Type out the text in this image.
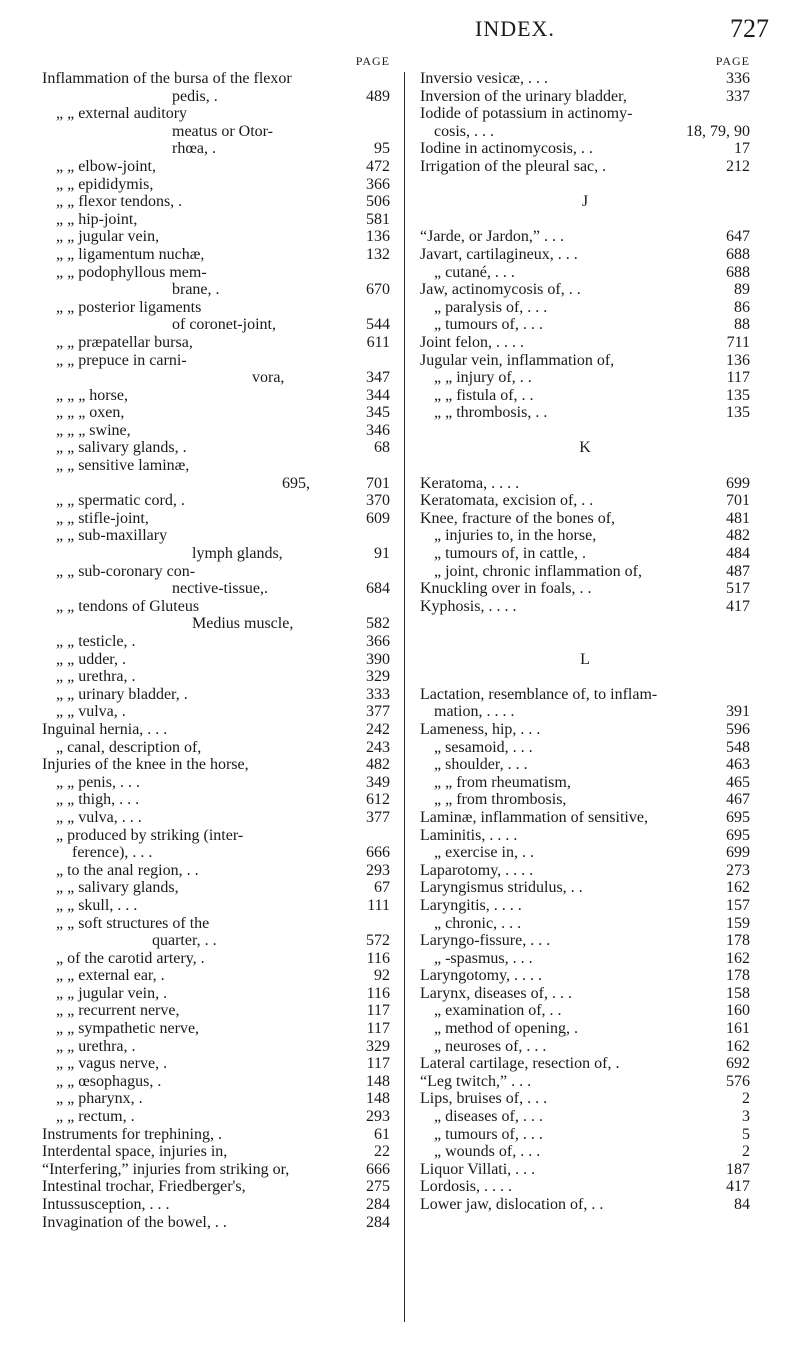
INDEX.	727
PAGE
Inflammation of the bursa of the flexor
pedis, .	489
„ „ external auditory
meatus or Otor-
rhœa, .	95
„ „ elbow-joint,	472
„ „ epididymis,	366
„ „ flexor tendons, .	506
„ „ hip-joint,	581
„ „ jugular vein,	136
„ „ ligamentum nuchæ,	132
„ „ podophyllous mem-
brane, .	670
„ „ posterior ligaments
of coronet-joint,	544
„ „ præpatellar bursa,	611
„ „ prepuce in carni-
vora,	347
„ „ „ horse,	344
„ „ „ oxen,	345
„ „ „ swine,	346
„ „ salivary glands, .	68
„ „ sensitive laminæ,
695,	701
„ „ spermatic cord, .	370
„ „ stifle-joint,	609
„ „ sub-maxillary
lymph glands,	91
„ „ sub-coronary con-
nective-tissue,.	684
„ „ tendons of Gluteus
Medius muscle,	582
„ „ testicle, .	366
„ „ udder, .	390
„ „ urethra, .	329
„ „ urinary bladder, .	333
„ „ vulva, .	377
Inguinal hernia, . . .	242
„ canal, description of,	243
Injuries of the knee in the horse,	482
„ „ penis, . . .	349
„ „ thigh, . . .	612
„ „ vulva, . . .	377
„ produced by striking (inter-
ference), . . .	666
„ to the anal region, . .	293
„ „ salivary glands,	67
„ „ skull, . . .	111
„ „ soft structures of the
quarter, . .	572
„ of the carotid artery, .	116
„ „ external ear, .	92
„ „ jugular vein, .	116
„ „ recurrent nerve,	117
„ „ sympathetic nerve,	117
„ „ urethra, .	329
„ „ vagus nerve, .	117
„ „ œsophagus, .	148
„ „ pharynx, .	148
„ „ rectum, .	293
Instruments for trephining, .	61
Interdental space, injuries in,	22
“Interfering,” injuries from striking or,	666
Intestinal trochar, Friedberger's,	275
Intussusception, . . .	284
Invagination of the bowel, . .	284
PAGE
Inversio vesicæ, . . .	336
Inversion of the urinary bladder,	337
Iodide of potassium in actinomy-
cosis, . . .	18, 79, 90
Iodine in actinomycosis, . .	17
Irrigation of the pleural sac, .	212
J
“Jarde, or Jardon,” . . .	647
Javart, cartilagineux, . . .	688
„ cutané, . . .	688
Jaw, actinomycosis of, . .	89
„ paralysis of, . . .	86
„ tumours of, . . .	88
Joint felon, . . . .	711
Jugular vein, inflammation of,	136
„ „ injury of, . .	117
„ „ fistula of, . .	135
„ „ thrombosis, . .	135
K
Keratoma, . . . .	699
Keratomata, excision of, . .	701
Knee, fracture of the bones of,	481
„ injuries to, in the horse,	482
„ tumours of, in cattle, .	484
„ joint, chronic inflammation of,	487
Knuckling over in foals, . .	517
Kyphosis, . . . .	417
L
Lactation, resemblance of, to inflam-
mation, . . . .	391
Lameness, hip, . . .	596
„ sesamoid, . . .	548
„ shoulder, . . .	463
„ „ from rheumatism,	465
„ „ from thrombosis,	467
Laminæ, inflammation of sensitive,	695
Laminitis, . . . .	695
„ exercise in, . .	699
Laparotomy, . . . .	273
Laryngismus stridulus, . .	162
Laryngitis, . . . .	157
„ chronic, . . .	159
Laryngo-fissure, . . .	178
„ -spasmus, . . .	162
Laryngotomy, . . . .	178
Larynx, diseases of, . . .	158
„ examination of, . .	160
„ method of opening, .	161
„ neuroses of, . . .	162
Lateral cartilage, resection of, .	692
“Leg twitch,” . . .	576
Lips, bruises of, . . .	2
„ diseases of, . . .	3
„ tumours of, . . .	5
„ wounds of, . . .	2
Liquor Villati, . . .	187
Lordosis, . . . .	417
Lower jaw, dislocation of, . .	84
